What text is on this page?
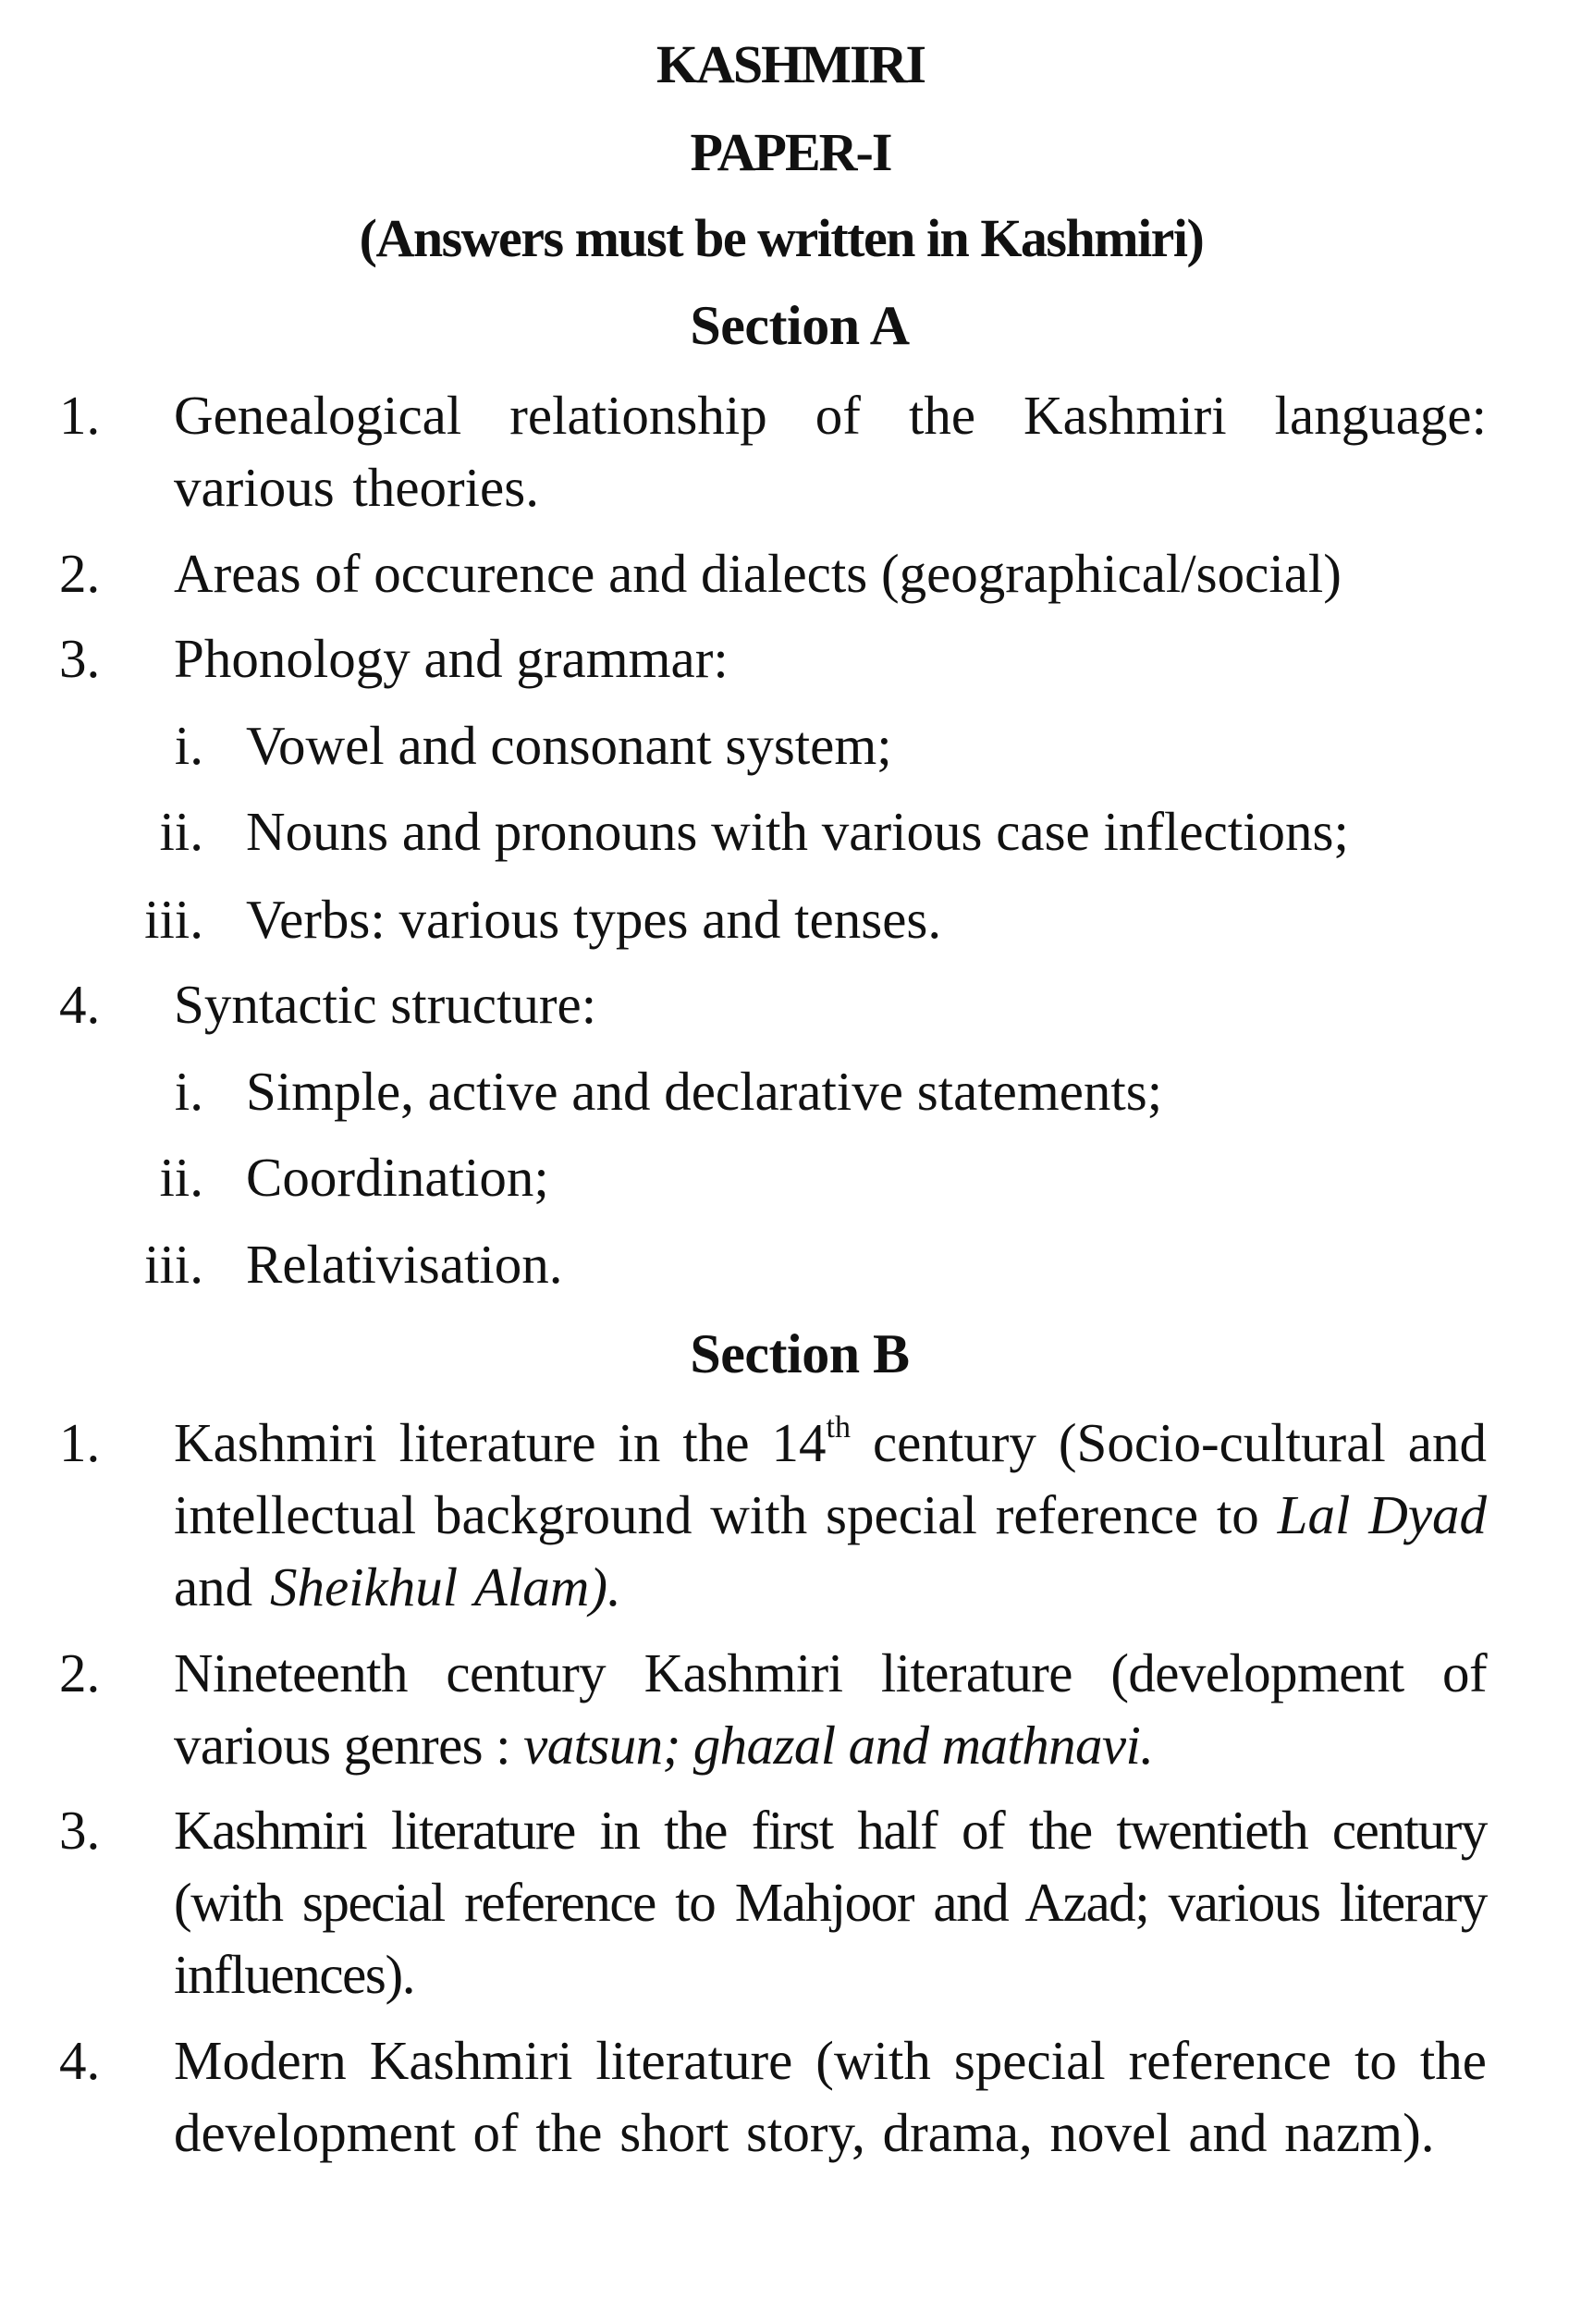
KASHMIRI
PAPER-I
(Answers must be written in Kashmiri)
Section A
1. Genealogical relationship of the Kashmiri language: various theories.
2. Areas of occurence and dialects (geographical/social)
3. Phonology and grammar:
i. Vowel and consonant system;
ii. Nouns and pronouns with various case inflections;
iii. Verbs: various types and tenses.
4. Syntactic structure:
i. Simple, active and declarative statements;
ii. Coordination;
iii. Relativisation.
Section B
1. Kashmiri literature in the 14th century (Socio-cultural and intellectual background with special reference to Lal Dyad and Sheikhul Alam).
2. Nineteenth century Kashmiri literature (development of various genres : vatsun; ghazal and mathnavi.
3. Kashmiri literature in the first half of the twentieth century (with special reference to Mahjoor and Azad; various literary influences).
4. Modern Kashmiri literature (with special reference to the development of the short story, drama, novel and nazm).
